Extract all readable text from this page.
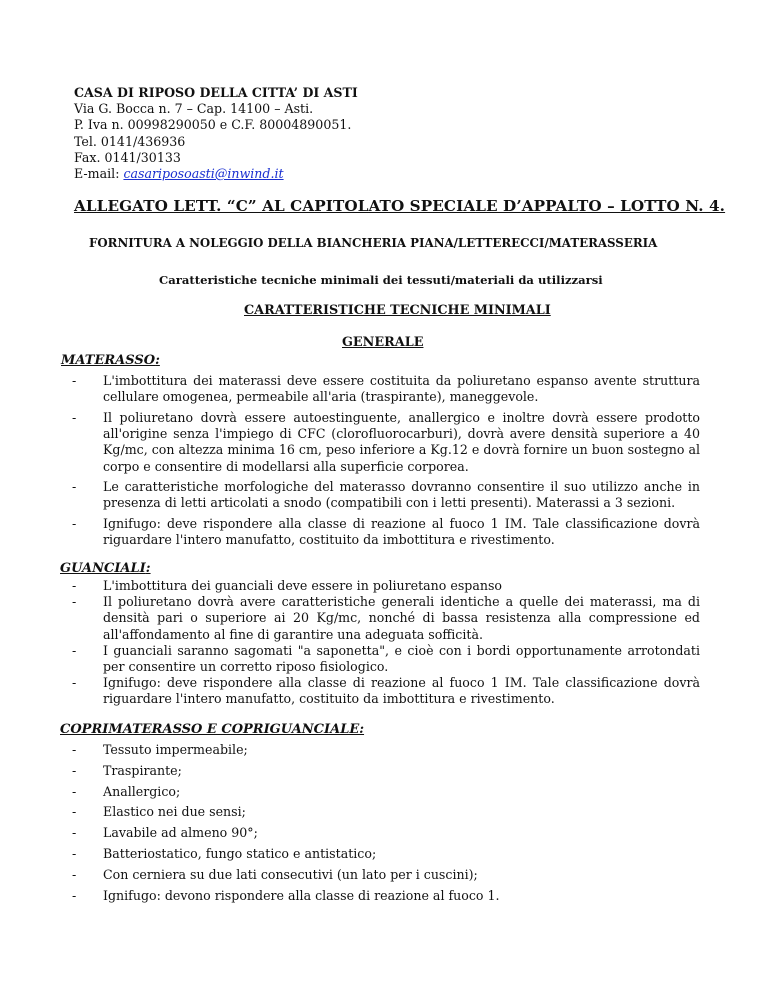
CASA DI RIPOSO DELLA CITTA’ DI ASTI
Via G. Bocca n. 7 – Cap. 14100 – Asti.
P. Iva n. 00998290050 e C.F. 80004890051.
Tel. 0141/436936
Fax. 0141/30133
E-mail: casariposoasti@inwind.it
ALLEGATO LETT. “C” AL CAPITOLATO SPECIALE D’APPALTO – LOTTO N. 4.
FORNITURA A NOLEGGIO DELLA BIANCHERIA PIANA/LETTERECCI/MATERASSERIA
Caratteristiche tecniche minimali dei tessuti/materiali da utilizzarsi
CARATTERISTICHE TECNICHE MINIMALI
GENERALE
MATERASSO:
- L'imbottitura dei materassi deve essere costituita da poliuretano espanso avente struttura cellulare omogenea, permeabile all'aria (traspirante), maneggevole.
- Il poliuretano dovrà essere autoestinguente, anallergico e inoltre dovrà essere prodotto all'origine senza l'impiego di CFC (clorofluorocarburi), dovrà avere densità superiore a 40 Kg/mc, con altezza minima 16 cm, peso inferiore a Kg.12 e dovrà fornire un buon sostegno al corpo e consentire di modellarsi alla superficie corporea.
- Le caratteristiche morfologiche del materasso dovranno consentire il suo utilizzo anche in presenza di letti articolati a snodo (compatibili con i letti presenti). Materassi a 3 sezioni.
- Ignifugo: deve rispondere alla classe di reazione al fuoco 1 IM. Tale classificazione dovrà riguardare l'intero manufatto, costituito da imbottitura e rivestimento.
GUANCIALI:
- L'imbottitura dei guanciali deve essere in poliuretano espanso
- Il poliuretano dovrà avere caratteristiche generali identiche a quelle dei materassi, ma di densità pari o superiore ai 20 Kg/mc, nonché di bassa resistenza alla compressione ed all'affondamento al fine di garantire una adeguata sofficità.
- I guanciali saranno sagomati "a saponetta", e cioè con i bordi opportunamente arrotondati per consentire un corretto riposo fisiologico.
- Ignifugo: deve rispondere alla classe di reazione al fuoco 1 IM. Tale classificazione dovrà riguardare l'intero manufatto, costituito da imbottitura e rivestimento.
COPRIMATERASSO E COPRIGUANCIALE:
- Tessuto impermeabile;
- Traspirante;
- Anallergico;
- Elastico nei due sensi;
- Lavabile ad almeno 90°;
- Batteriostatico, fungo statico e antistatico;
- Con cerniera su due lati consecutivi (un lato per i cuscini);
- Ignifugo: devono rispondere alla classe di reazione al fuoco 1.
